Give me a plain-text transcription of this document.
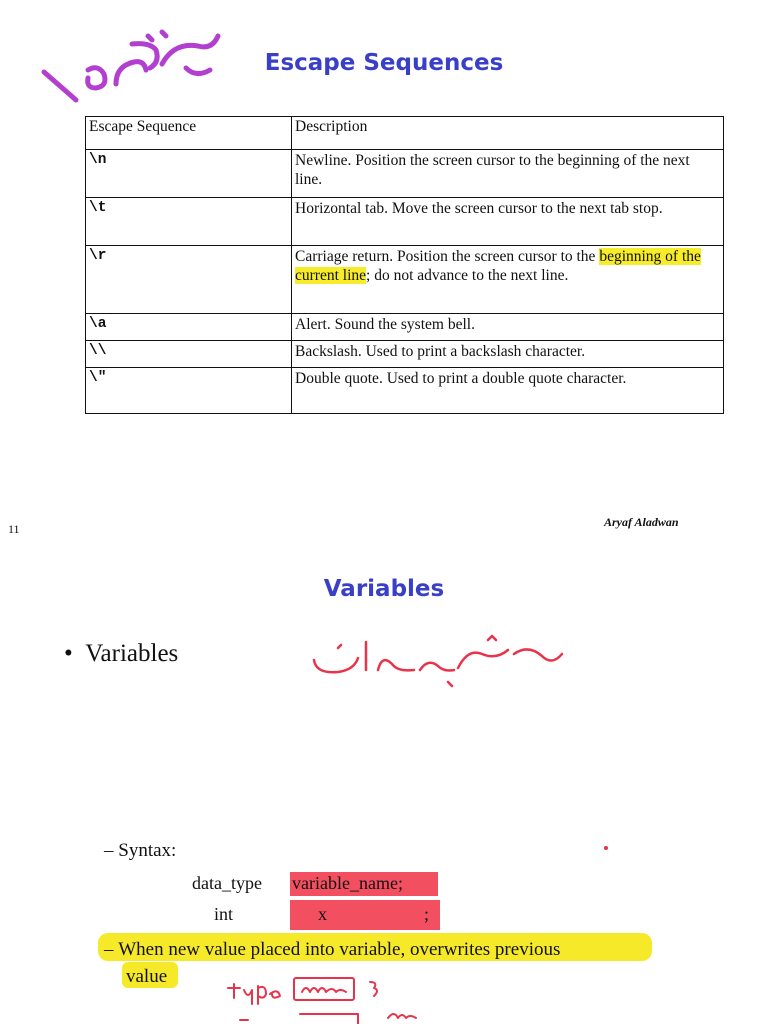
Escape Sequences
Escape Sequence	Description
\n	Newline. Position the screen cursor to the beginning of the next line.
\t	Horizontal tab. Move the screen cursor to the next tab stop.
\r	Carriage return. Position the screen cursor to the beginning of the current line; do not advance to the next line.
\a	Alert. Sound the system bell.
\\	Backslash. Used to print a backslash character.
\"	Double quote. Used to print a double quote character.
11	Aryaf Aladwan
Variables
• Variables
– Syntax:
data_type variable_name;
int	x	;
– When new value placed into variable, overwrites previous
value
